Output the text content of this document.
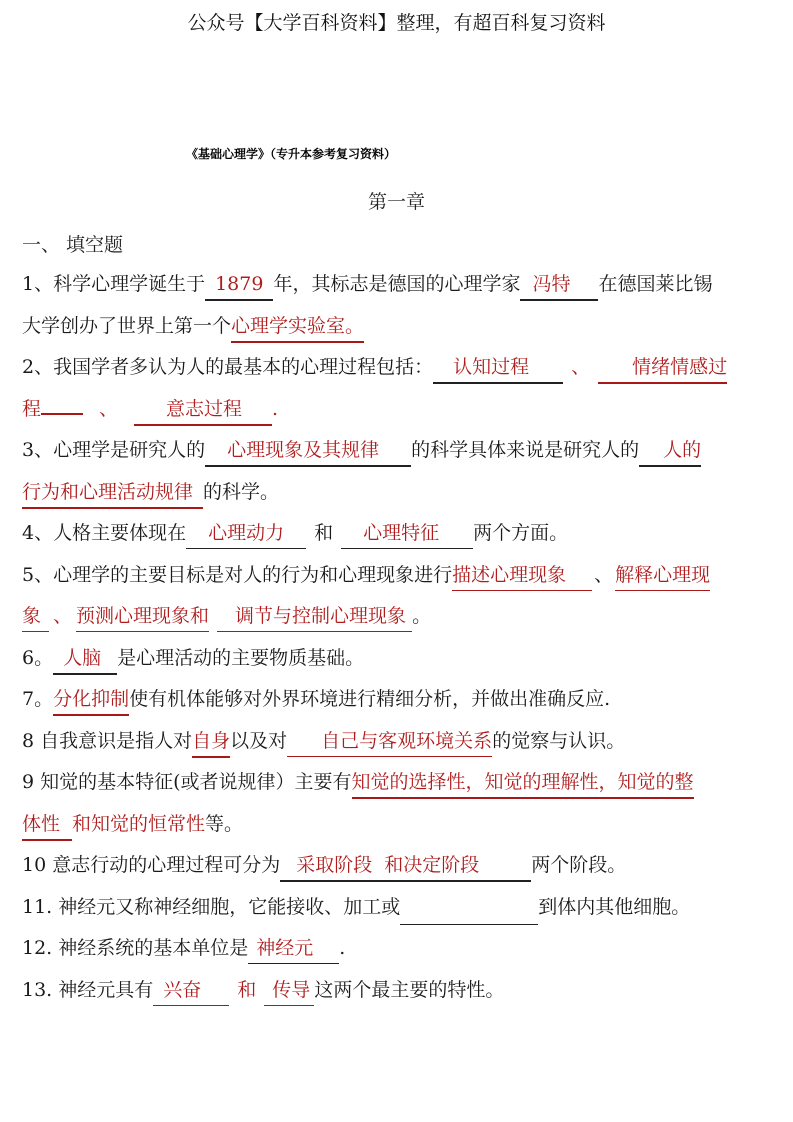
公众号【大学百科资料】整理，有超百科复习资料
《基础心理学》（专升本参考复习资料）
第一章
一、 填空题
1、科学心理学诞生于 1879 年，其标志是德国的心理学家 冯特 在德国莱比锡
大学创办了世界上第一个心理学实验室。
2、我国学者多认为人的最基本的心理过程包括： 认知过程 、 情绪情感过
程	、	意志过程 .
3、心理学是研究人的 心理现象及其规律 的科学具体来说是研究人的 人的
行为和心理活动规律 的科学。
4、人格主要体现在 心理动力 和 心理特征 两个方面。
5、心理学的主要目标是对人的行为和心理现象进行描述心理现象 、 解释心理现
象 、 预测心理现象和 调节与控制心理现象 。
6。 人脑 是心理活动的主要物质基础。
7。分化抑制使有机体能够对外界环境进行精细分析，并做出准确反应.
8 自我意识是指人对自身以及对 自己与客观环境关系的觉察与认识。
9 知觉的基本特征(或者说规律）主要有知觉的选择性，知觉的理解性，知觉的整
体性 和知觉的恒常性等。
10 意志行动的心理过程可分为 采取阶段 和决定阶段	两个阶段。
11. 神经元又称神经细胞，它能接收、加工或	到体内其他细胞。
12. 神经系统的基本单位是 神经元 .
13. 神经元具有 兴奋 和 传导 这两个最主要的特性。
